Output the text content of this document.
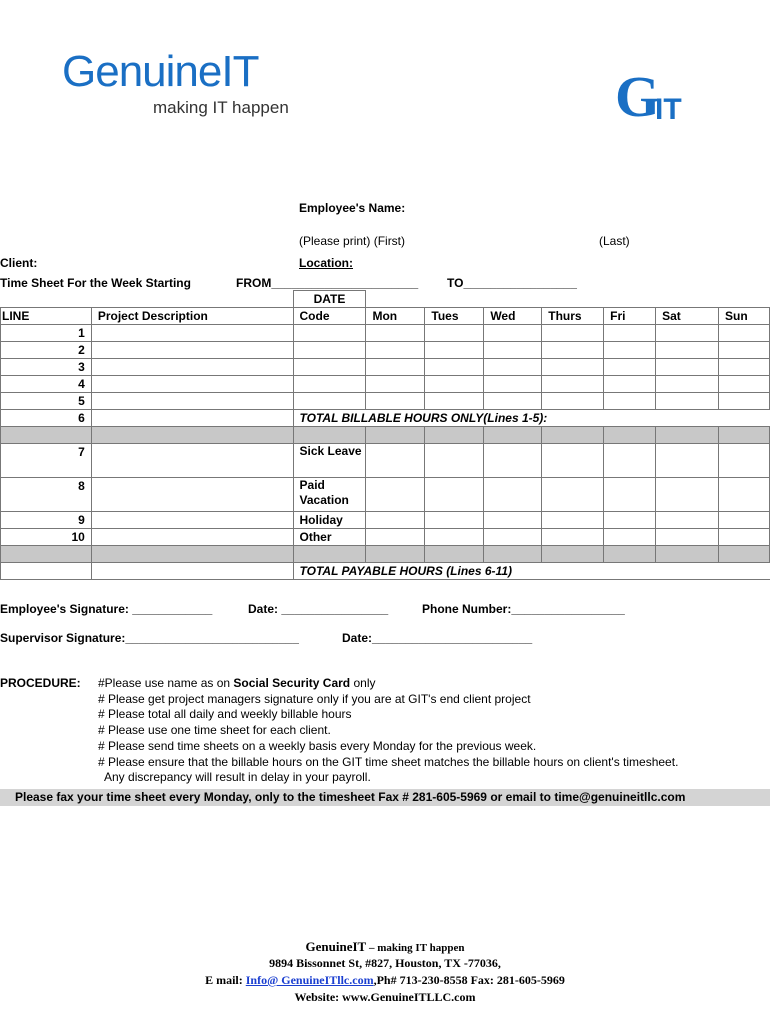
GenuineIT
making IT happen	G
IT
Employee's Name:
(Please print) (First)	(Last)
Client:	Location:
Time Sheet For the Week Starting	FROM______________________ TO_________________
		DATE							
LINE	Project Description	Code	Mon	Tues	Wed	Thurs	Fri	Sat	Sun
1									
2									
3									
4									
5									
6		TOTAL BILLABLE HOURS ONLY(Lines 1-5):							

7		Sick Leave							
8		Paid Vacation							
9		Holiday							
10		Other							

		TOTAL PAYABLE HOURS (Lines 6-11)							
Employee's Signature: ____________	Date: ________________	Phone Number:_________________
Supervisor Signature:__________________________	Date:________________________
PROCEDURE: #Please use name as on Social Security Card only
# Please get project managers signature only if you are at GIT's end client project
# Please total all daily and weekly billable hours
# Please use one time sheet for each client.
# Please send time sheets on a weekly basis every Monday for the previous week.
# Please ensure that the billable hours on the GIT time sheet matches the billable hours on client's timesheet.
Any discrepancy will result in delay in your payroll.
Please fax your time sheet every Monday, only to the timesheet Fax # 281-605-5969 or email to time@genuineitllc.com
GenuineIT – making IT happen
9894 Bissonnet St, #827, Houston, TX -77036,
E mail: Info@ GenuineITllc.com,Ph# 713-230-8558 Fax: 281-605-5969
Website: www.GenuineITLLC.com
